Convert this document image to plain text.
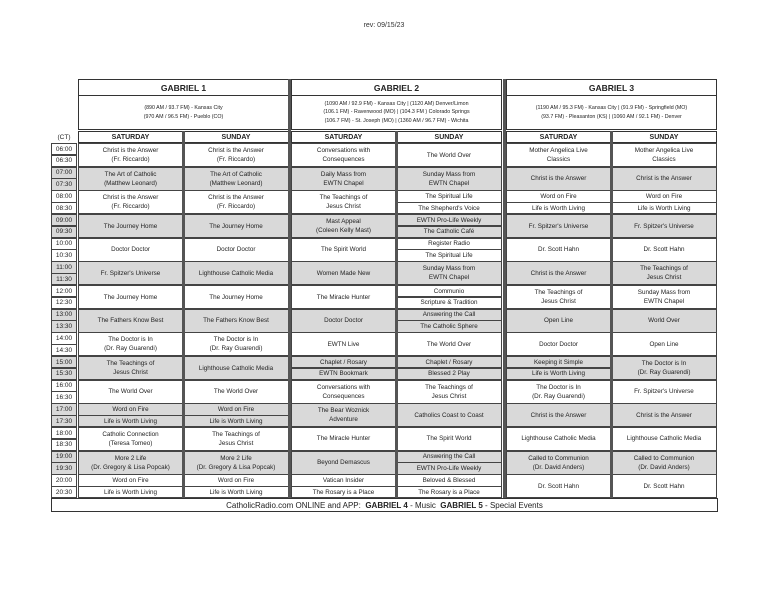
rev: 09/15/23
(CT)
06:00
06:30
07:00
07:30
08:00
08:30
09:00
09:30
10:00
10:30
11:00
11:30
12:00
12:30
13:00
13:30
14:00
14:30
15:00
15:30
16:00
16:30
17:00
17:30
18:00
18:30
19:00
19:30
20:00
20:30
GABRIEL 1
(890 AM / 93.7 FM) - Kansas City
(970 AM / 96.5 FM) - Pueblo (CO)
SATURDAY
Christ is the Answer
(Fr. Riccardo)
The Art of Catholic
(Matthew Leonard)
Christ is the Answer
(Fr. Riccardo)
The Journey Home
Doctor Doctor
Fr. Spitzer's Universe
The Journey Home
The Fathers Know Best
The Doctor is In
(Dr. Ray Guarendi)
The Teachings of
Jesus Christ
The World Over
Word on Fire
Life is Worth Living
Catholic Connection
(Teresa Tomeo)
More 2 Life
(Dr. Gregory & Lisa Popcak)
Word on Fire
Life is Worth Living
SUNDAY
Christ is the Answer
(Fr. Riccardo)
The Art of Catholic
(Matthew Leonard)
Christ is the Answer
(Fr. Riccardo)
The Journey Home
Doctor Doctor
Lighthouse Catholic Media
The Journey Home
The Fathers Know Best
The Doctor is In
(Dr. Ray Guarendi)
Lighthouse Catholic Media
The World Over
Word on Fire
Life is Worth Living
The Teachings of
Jesus Christ
More 2 Life
(Dr. Gregory & Lisa Popcak)
Word on Fire
Life is Worth Living
GABRIEL 2
(1090 AM / 92.9 FM) - Kansas City | (1120 AM) Denver/Limon
(106.1 FM) - Ravenwood (MO) | (104.3 FM ) Colorado Springs
(106.7 FM) - St. Joseph (MO) | (1360 AM / 96.7 FM) - Wichita
SATURDAY
Conversations with
Consequences
Daily Mass from
EWTN Chapel
The Teachings of
Jesus Christ
Mast Appeal
(Coleen Kelly Mast)
The Spirit World
Women Made New
The Miracle Hunter
Doctor Doctor
EWTN Live
Chaplet / Rosary
EWTN Bookmark
Conversations with
Consequences
The Bear Woznick
Adventure
The Miracle Hunter
Beyond Demascus
Vatican Insider
The Rosary is a Place
SUNDAY
The World Over
Sunday Mass from
EWTN Chapel
The Spiritual Life
The Shepherd's Voice
EWTN Pro-Life Weekly
The Catholic Café
Register Radio
The Spiritual Life
Sunday Mass from
EWTN Chapel
Communio
Scripture & Tradition
Answering the Call
The Catholic Sphere
The World Over
Chaplet / Rosary
Blessed 2 Play
The Teachings of
Jesus Christ
Catholics Coast to Coast
The Spirit World
Answering the Call
EWTN Pro-Life Weekly
Beloved & Blessed
The Rosary is a Place
GABRIEL 3
(1190 AM / 95.3 FM) - Kansas City | (91.9 FM) - Springfield (MO)
(93.7 FM) - Pleasanton (KS) | (1060 AM / 92.1 FM) - Denver
SATURDAY
Mother Angelica Live
Classics
Christ is the Answer
Word on Fire
Life is Worth Living
Fr. Spitzer's Universe
Dr. Scott Hahn
Christ is the Answer
The Teachings of
Jesus Christ
Open Line
Doctor Doctor
Keeping it Simple
Life is Worth Living
The Doctor is In
(Dr. Ray Guarendi)
Christ is the Answer
Lighthouse Catholic Media
Called to Communion
(Dr. David Anders)
Dr. Scott Hahn
SUNDAY
Mother Angelica Live
Classics
Christ is the Answer
Word on Fire
Life is Worth Living
Fr. Spitzer's Universe
Dr. Scott Hahn
The Teachings of
Jesus Christ
Sunday Mass from
EWTN Chapel
World Over
Open Line
The Doctor is In
(Dr. Ray Guarendi)
Fr. Spitzer's Universe
Christ is the Answer
Lighthouse Catholic Media
Called to Communion
(Dr. David Anders)
Dr. Scott Hahn
CatholicRadio.com ONLINE and APP: GABRIEL 4 - Music GABRIEL 5 - Special Events
